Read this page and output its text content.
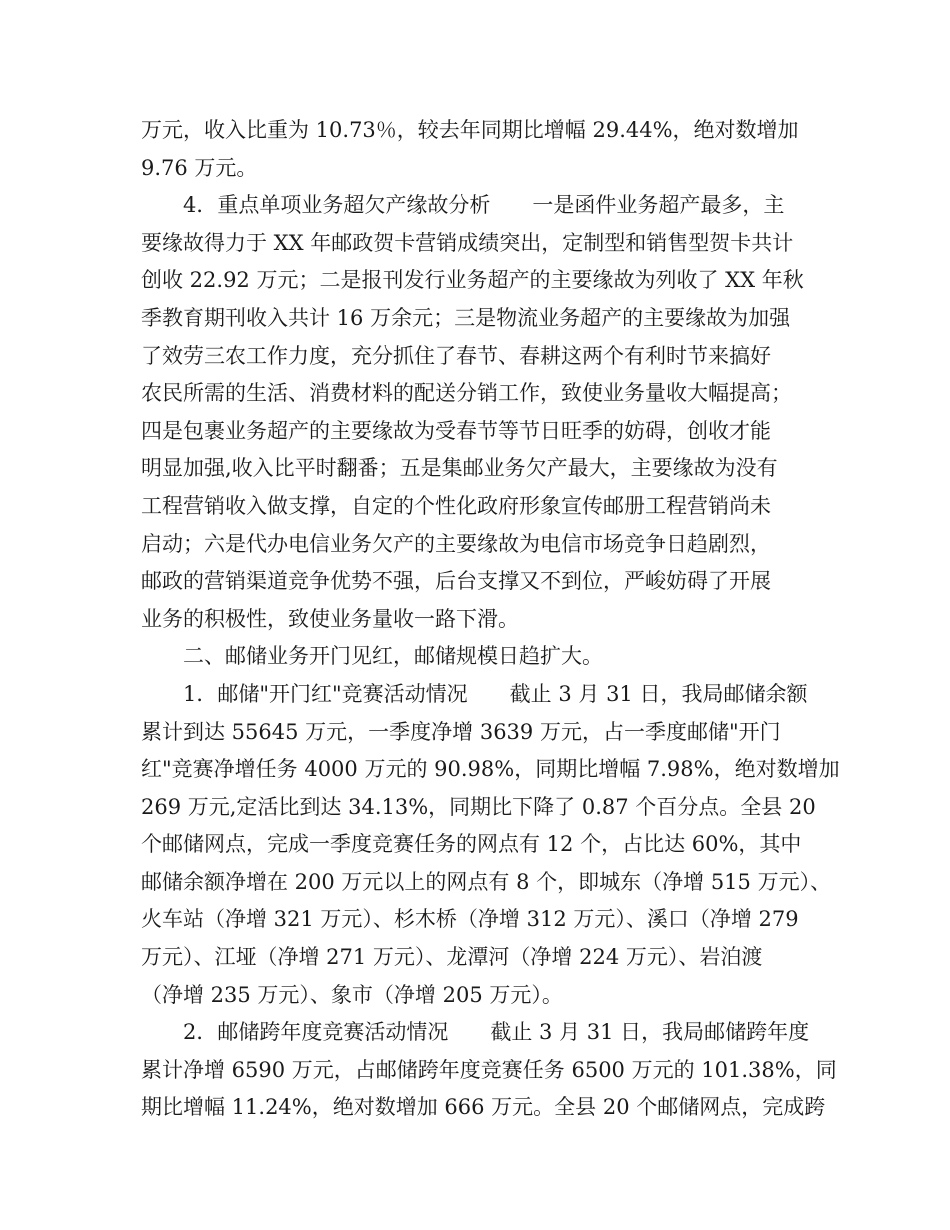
万元，收入比重为 10.73％，较去年同期比增幅 29.44%，绝对数增加
9.76 万元。
4．重点单项业务超欠产缘故分析　　一是函件业务超产最多，主
要缘故得力于 XX 年邮政贺卡营销成绩突出，定制型和销售型贺卡共计
创收 22.92 万元；二是报刊发行业务超产的主要缘故为列收了 XX 年秋
季教育期刊收入共计 16 万余元；三是物流业务超产的主要缘故为加强
了效劳三农工作力度，充分抓住了春节、春耕这两个有利时节来搞好
农民所需的生活、消费材料的配送分销工作，致使业务量收大幅提高；
四是包裹业务超产的主要缘故为受春节等节日旺季的妨碍，创收才能
明显加强,收入比平时翻番；五是集邮业务欠产最大，主要缘故为没有
工程营销收入做支撑，自定的个性化政府形象宣传邮册工程营销尚未
启动；六是代办电信业务欠产的主要缘故为电信市场竞争日趋剧烈，
邮政的营销渠道竞争优势不强，后台支撑又不到位，严峻妨碍了开展
业务的积极性，致使业务量收一路下滑。
二、邮储业务开门见红，邮储规模日趋扩大。
1．邮储"开门红"竞赛活动情况　　截止 3 月 31 日，我局邮储余额
累计到达 55645 万元，一季度净增 3639 万元，占一季度邮储"开门
红"竞赛净增任务 4000 万元的 90.98%，同期比增幅 7.98%，绝对数增加
269 万元,定活比到达 34.13%，同期比下降了 0.87 个百分点。全县 20
个邮储网点，完成一季度竞赛任务的网点有 12 个，占比达 60%，其中
邮储余额净增在 200 万元以上的网点有 8 个，即城东（净增 515 万元）、
火车站（净增 321 万元）、杉木桥（净增 312 万元）、溪口（净增 279
万元）、江垭（净增 271 万元）、龙潭河（净增 224 万元）、岩泊渡
（净增 235 万元）、象市（净增 205 万元）。
2．邮储跨年度竞赛活动情况　　截止 3 月 31 日，我局邮储跨年度
累计净增 6590 万元，占邮储跨年度竞赛任务 6500 万元的 101.38%，同
期比增幅 11.24%，绝对数增加 666 万元。全县 20 个邮储网点，完成跨
